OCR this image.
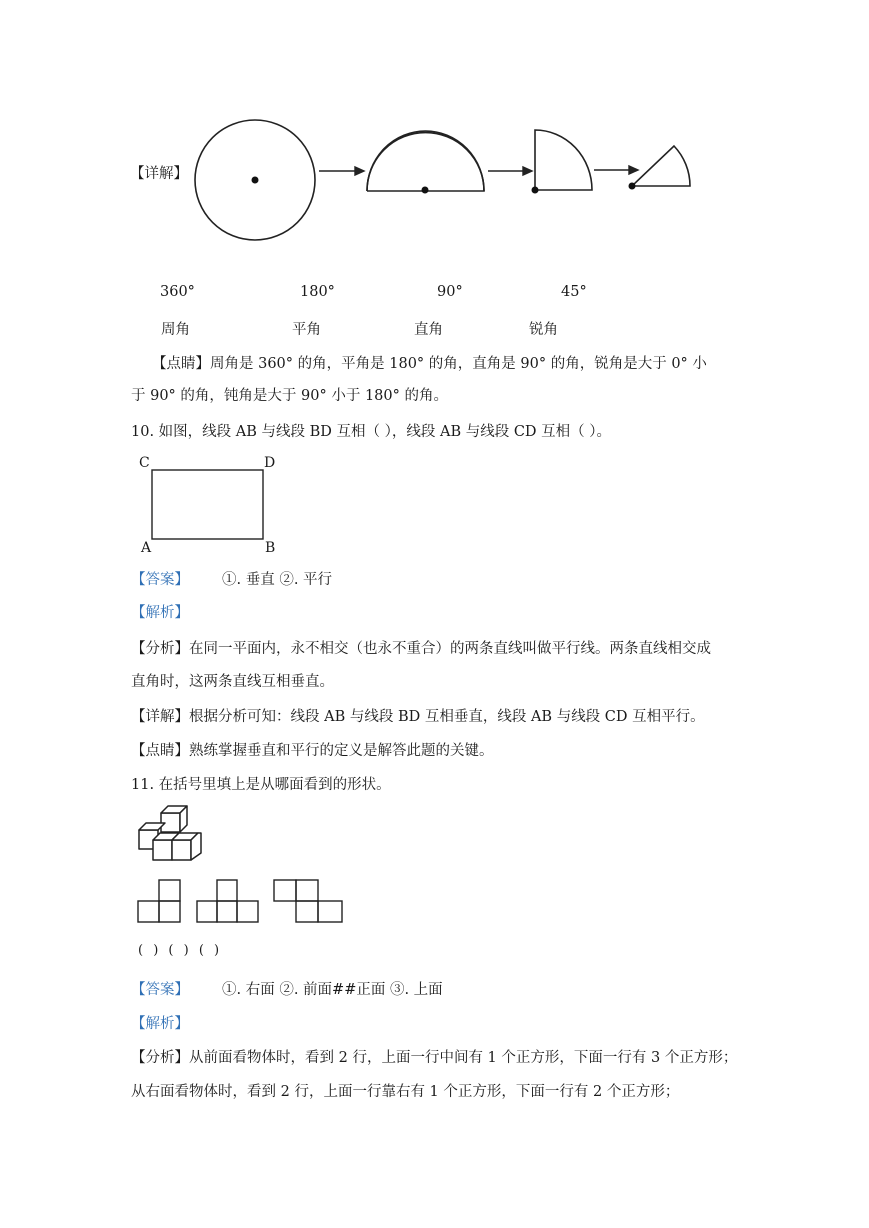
【详解】
360°	180°	90°	45°
周角	平角	直角	锐角
【点睛】周角是 360° 的角，平角是 180° 的角，直角是 90° 的角，锐角是大于 0° 小
于 90° 的角，钝角是大于 90° 小于 180° 的角。
10. 如图，线段 AB 与线段 BD 互相（ ），线段 AB 与线段 CD 互相（ ）。
C	D
A	B
【答案】 ①. 垂直 ②. 平行
【解析】
【分析】在同一平面内，永不相交（也永不重合）的两条直线叫做平行线。两条直线相交成
直角时，这两条直线互相垂直。
【详解】根据分析可知：线段 AB 与线段 BD 互相垂直，线段 AB 与线段 CD 互相平行。
【点睛】熟练掌握垂直和平行的定义是解答此题的关键。
11. 在括号里填上是从哪面看到的形状。
( ) ( ) ( )
【答案】 ①. 右面 ②. 前面##正面 ③. 上面
【解析】
【分析】从前面看物体时，看到 2 行，上面一行中间有 1 个正方形，下面一行有 3 个正方形；
从右面看物体时，看到 2 行，上面一行靠右有 1 个正方形，下面一行有 2 个正方形；
